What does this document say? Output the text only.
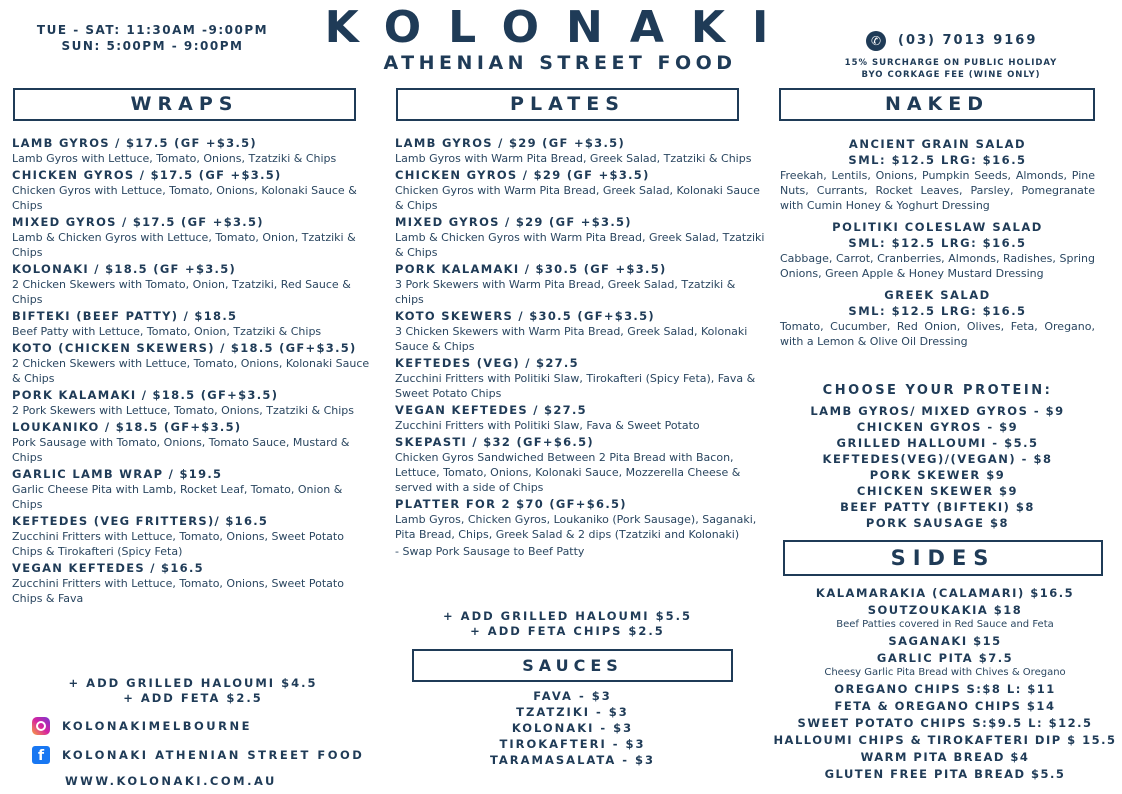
TUE - SAT: 11:30AM -9:00PM
SUN: 5:00PM - 9:00PM	KOLONAKI
ATHENIAN STREET FOOD
✆	(03) 7013 9169
15% SURCHARGE ON PUBLIC HOLIDAY
BYO CORKAGE FEE (WINE ONLY)
WRAPS
LAMB GYROS / $17.5 (GF +$3.5)
Lamb Gyros with Lettuce, Tomato, Onions, Tzatziki & Chips
CHICKEN GYROS / $17.5 (GF +$3.5)
Chicken Gyros with Lettuce, Tomato, Onions, Kolonaki Sauce & Chips
MIXED GYROS / $17.5 (GF +$3.5)
Lamb & Chicken Gyros with Lettuce, Tomato, Onion, Tzatziki & Chips
KOLONAKI / $18.5 (GF +$3.5)
2 Chicken Skewers with Tomato, Onion, Tzatziki, Red Sauce & Chips
BIFTEKI (BEEF PATTY) / $18.5
Beef Patty with Lettuce, Tomato, Onion, Tzatziki & Chips
KOTO (CHICKEN SKEWERS) / $18.5 (GF+$3.5)
2 Chicken Skewers with Lettuce, Tomato, Onions, Kolonaki Sauce & Chips
PORK KALAMAKI / $18.5 (GF+$3.5)
2 Pork Skewers with Lettuce, Tomato, Onions, Tzatziki & Chips
LOUKANIKO / $18.5 (GF+$3.5)
Pork Sausage with Tomato, Onions, Tomato Sauce, Mustard & Chips
GARLIC LAMB WRAP / $19.5
Garlic Cheese Pita with Lamb, Rocket Leaf, Tomato, Onion & Chips
KEFTEDES (VEG FRITTERS)/ $16.5
Zucchini Fritters with Lettuce, Tomato, Onions, Sweet Potato Chips & Tirokafteri (Spicy Feta)
VEGAN KEFTEDES / $16.5
Zucchini Fritters with Lettuce, Tomato, Onions, Sweet Potato Chips & Fava
+ ADD GRILLED HALOUMI $4.5
+ ADD FETA $2.5
KOLONAKIMELBOURNE
f	KOLONAKI ATHENIAN STREET FOOD
WWW.KOLONAKI.COM.AU
PLATES
LAMB GYROS / $29 (GF +$3.5)
Lamb Gyros with Warm Pita Bread, Greek Salad, Tzatziki & Chips
CHICKEN GYROS / $29 (GF +$3.5)
Chicken Gyros with Warm Pita Bread, Greek Salad, Kolonaki Sauce & Chips
MIXED GYROS / $29 (GF +$3.5)
Lamb & Chicken Gyros with Warm Pita Bread, Greek Salad, Tzatziki & Chips
PORK KALAMAKI / $30.5 (GF +$3.5)
3 Pork Skewers with Warm Pita Bread, Greek Salad, Tzatziki & chips
KOTO SKEWERS / $30.5 (GF+$3.5)
3 Chicken Skewers with Warm Pita Bread, Greek Salad, Kolonaki Sauce & Chips
KEFTEDES (VEG) / $27.5
Zucchini Fritters with Politiki Slaw, Tirokafteri (Spicy Feta), Fava & Sweet Potato Chips
VEGAN KEFTEDES / $27.5
Zucchini Fritters with Politiki Slaw, Fava & Sweet Potato
SKEPASTI / $32 (GF+$6.5)
Chicken Gyros Sandwiched Between 2 Pita Bread with Bacon, Lettuce, Tomato, Onions, Kolonaki Sauce, Mozzerella Cheese & served with a side of Chips
PLATTER FOR 2 $70 (GF+$6.5)
Lamb Gyros, Chicken Gyros, Loukaniko (Pork Sausage), Saganaki, Pita Bread, Chips, Greek Salad & 2 dips (Tzatziki and Kolonaki)
- Swap Pork Sausage to Beef Patty
+ ADD GRILLED HALOUMI $5.5
+ ADD FETA CHIPS $2.5
SAUCES
FAVA - $3
TZATZIKI - $3
KOLONAKI - $3
TIROKAFTERI - $3
TARAMASALATA - $3
NAKED
ANCIENT GRAIN SALAD
SML: $12.5 LRG: $16.5
Freekah, Lentils, Onions, Pumpkin Seeds, Almonds, Pine Nuts, Currants, Rocket Leaves, Parsley, Pomegranate with Cumin Honey & Yoghurt Dressing
POLITIKI COLESLAW SALAD
SML: $12.5 LRG: $16.5
Cabbage, Carrot, Cranberries, Almonds, Radishes, Spring Onions, Green Apple & Honey Mustard Dressing
GREEK SALAD
SML: $12.5 LRG: $16.5
Tomato, Cucumber, Red Onion, Olives, Feta, Oregano, with a Lemon & Olive Oil Dressing
CHOOSE YOUR PROTEIN:
LAMB GYROS/ MIXED GYROS - $9
CHICKEN GYROS - $9
GRILLED HALLOUMI - $5.5
KEFTEDES(VEG)/(VEGAN) - $8
PORK SKEWER $9
CHICKEN SKEWER $9
BEEF PATTY (BIFTEKI) $8
PORK SAUSAGE $8
SIDES
KALAMARAKIA (CALAMARI) $16.5
SOUTZOUKAKIA $18
Beef Patties covered in Red Sauce and Feta
SAGANAKI $15
GARLIC PITA $7.5
Cheesy Garlic Pita Bread with Chives & Oregano
OREGANO CHIPS S:$8 L: $11
FETA & OREGANO CHIPS $14
SWEET POTATO CHIPS S:$9.5 L: $12.5
HALLOUMI CHIPS & TIROKAFTERI DIP $ 15.5
WARM PITA BREAD $4
GLUTEN FREE PITA BREAD $5.5
